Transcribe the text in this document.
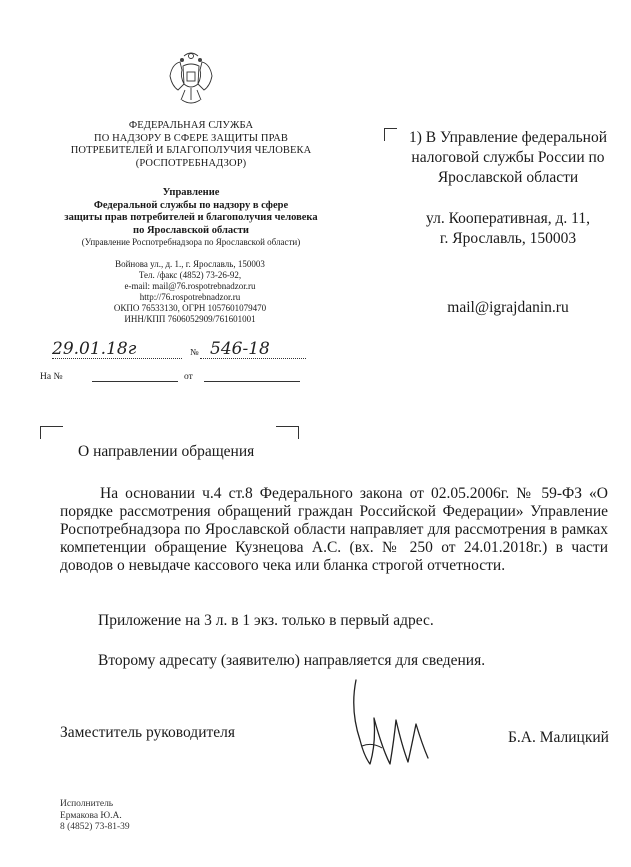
ФЕДЕРАЛЬНАЯ СЛУЖБА
ПО НАДЗОРУ В СФЕРЕ ЗАЩИТЫ ПРАВ
ПОТРЕБИТЕЛЕЙ И БЛАГОПОЛУЧИЯ ЧЕЛОВЕКА
(РОСПОТРЕБНАДЗОР)
Управление
Федеральной службы по надзору в сфере
защиты прав потребителей и благополучия человека
по Ярославской области
(Управление Роспотребнадзора по Ярославской области)
Войнова ул., д. 1., г. Ярославль, 150003
Тел. /факс (4852) 73-26-92,
e-mail: mail@76.rospotrebnadzor.ru
http://76.rospotrebnadzor.ru
ОКПО 76533130, ОГРН 1057601079470
ИНН/КПП 7606052909/761601001
29.01.18г	№ 546-18
На №	от
1) В Управление федеральной
налоговой службы России по
Ярославской области
ул. Кооперативная, д. 11,
г. Ярославль, 150003
mail@igrajdanin.ru
О направлении обращения
На основании ч.4 ст.8 Федерального закона от 02.05.2006г. № 59-ФЗ «О порядке рассмотрения обращений граждан Российской Федерации» Управление Роспотребнадзора по Ярославской области направляет для рассмотрения в рамках компетенции обращение Кузнецова А.С. (вх. № 250 от 24.01.2018г.) в части доводов о невыдаче кассового чека или бланка строгой отчетности.
Приложение на 3 л. в 1 экз. только в первый адрес.
Второму адресату (заявителю) направляется для сведения.
Заместитель руководителя	Б.А. Малицкий
Исполнитель
Ермакова Ю.А.
8 (4852) 73-81-39
